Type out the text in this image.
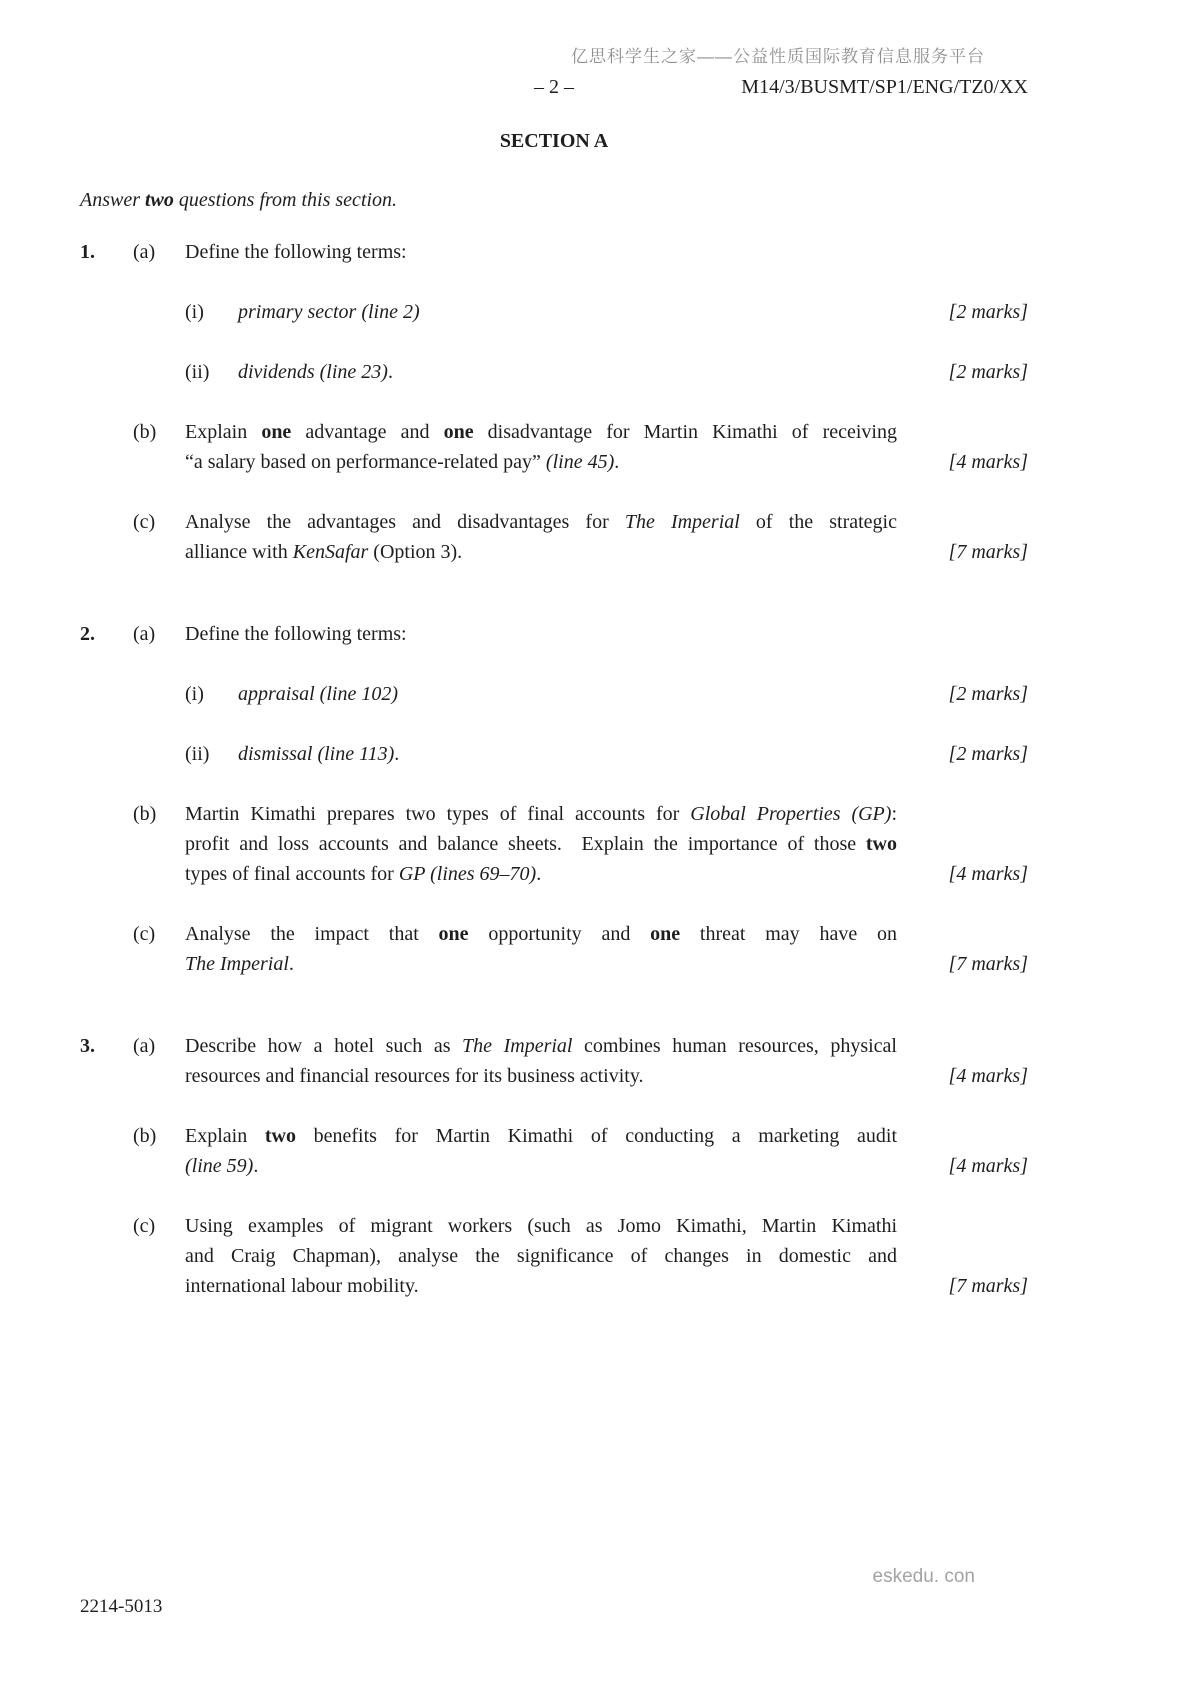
亿思科学生之家——公益性质国际教育信息服务平台
– 2 –	M14/3/BUSMT/SP1/ENG/TZ0/XX
SECTION A
Answer two questions from this section.
1.	(a)	Define the following terms:
(i)	primary sector (line 2)	[2 marks]
(ii)	dividends (line 23).	[2 marks]
(b)	Explain one advantage and one disadvantage for Martin Kimathi of receiving
“a salary based on performance-related pay” (line 45).	[4 marks]
(c)	Analyse the advantages and disadvantages for The Imperial of the strategic
alliance with KenSafar (Option 3).	[7 marks]
2.	(a)	Define the following terms:
(i)	appraisal (line 102)	[2 marks]
(ii)	dismissal (line 113).	[2 marks]
(b)	Martin Kimathi prepares two types of final accounts for Global Properties (GP):
profit and loss accounts and balance sheets.  Explain the importance of those two
types of final accounts for GP (lines 69–70).	[4 marks]
(c)	Analyse the impact that one opportunity and one threat may have on
The Imperial.	[7 marks]
3.	(a)	Describe how a hotel such as The Imperial combines human resources, physical
resources and financial resources for its business activity.	[4 marks]
(b)	Explain two benefits for Martin Kimathi of conducting a marketing audit
(line 59).	[4 marks]
(c)	Using examples of migrant workers (such as Jomo Kimathi, Martin Kimathi
and Craig Chapman), analyse the significance of changes in domestic and
international labour mobility.	[7 marks]
eskedu. con
2214-5013
